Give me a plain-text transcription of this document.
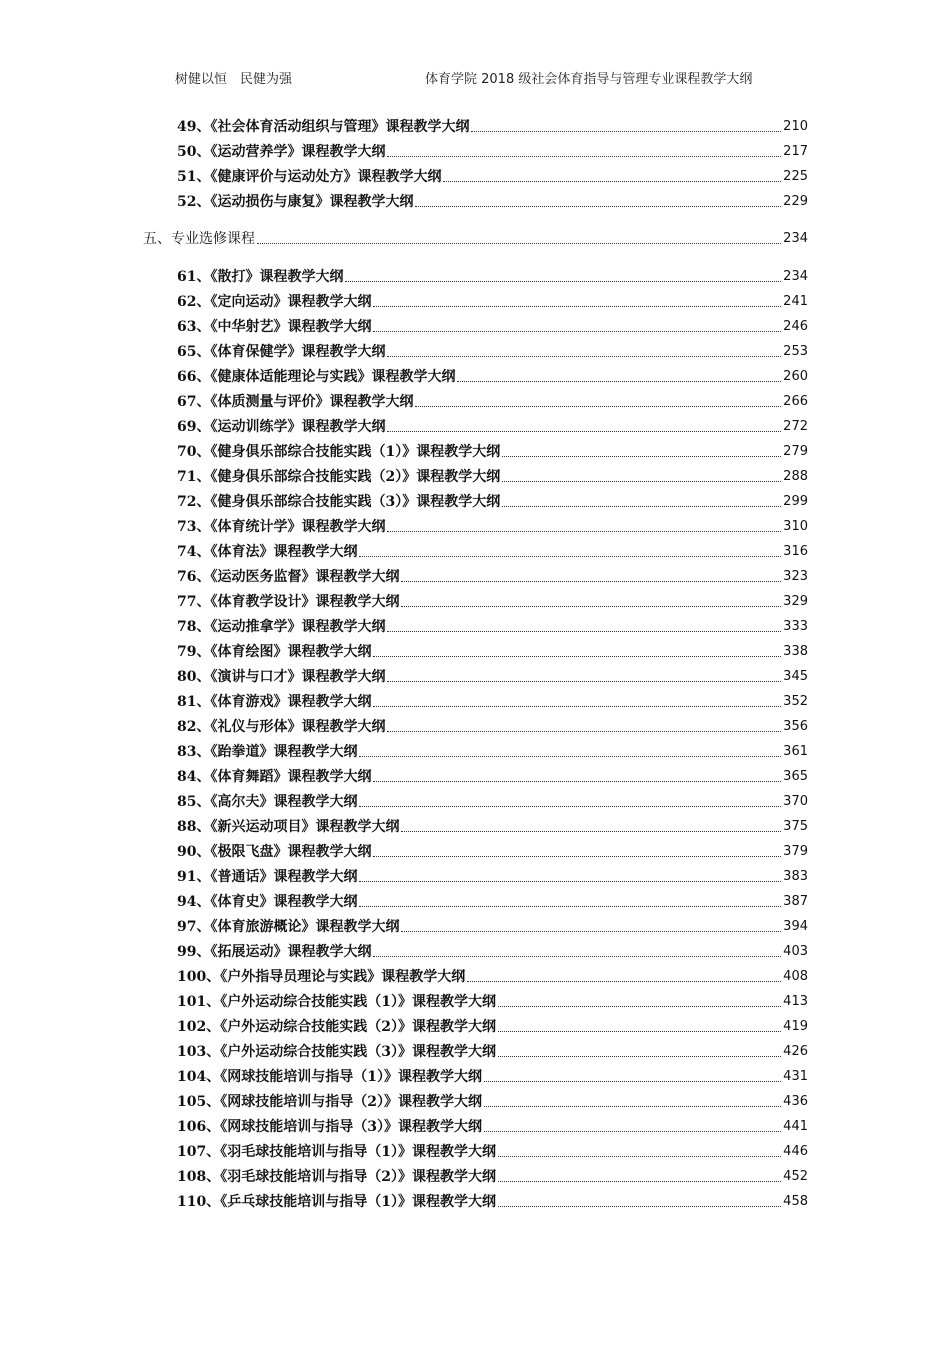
树健以恒　民健为强	体育学院 2018 级社会体育指导与管理专业课程教学大纲
49、《社会体育活动组织与管理》课程教学大纲	210
50、《运动营养学》课程教学大纲	217
51、《健康评价与运动处方》课程教学大纲	225
52、《运动损伤与康复》课程教学大纲	229
五、专业选修课程	234
61、《散打》课程教学大纲	234
62、《定向运动》课程教学大纲	241
63、《中华射艺》课程教学大纲	246
65、《体育保健学》课程教学大纲	253
66、《健康体适能理论与实践》课程教学大纲	260
67、《体质测量与评价》课程教学大纲	266
69、《运动训练学》课程教学大纲	272
70、《健身俱乐部综合技能实践（1）》课程教学大纲	279
71、《健身俱乐部综合技能实践（2）》课程教学大纲	288
72、《健身俱乐部综合技能实践（3）》课程教学大纲	299
73、《体育统计学》课程教学大纲	310
74、《体育法》课程教学大纲	316
76、《运动医务监督》课程教学大纲	323
77、《体育教学设计》课程教学大纲	329
78、《运动推拿学》课程教学大纲	333
79、《体育绘图》课程教学大纲	338
80、《演讲与口才》课程教学大纲	345
81、《体育游戏》课程教学大纲	352
82、《礼仪与形体》课程教学大纲	356
83、《跆拳道》课程教学大纲	361
84、《体育舞蹈》课程教学大纲	365
85、《高尔夫》课程教学大纲	370
88、《新兴运动项目》课程教学大纲	375
90、《极限飞盘》课程教学大纲	379
91、《普通话》课程教学大纲	383
94、《体育史》课程教学大纲	387
97、《体育旅游概论》课程教学大纲	394
99、《拓展运动》课程教学大纲	403
100、《户外指导员理论与实践》课程教学大纲	408
101、《户外运动综合技能实践（1）》课程教学大纲	413
102、《户外运动综合技能实践（2）》课程教学大纲	419
103、《户外运动综合技能实践（3）》课程教学大纲	426
104、《网球技能培训与指导（1）》课程教学大纲	431
105、《网球技能培训与指导（2）》课程教学大纲	436
106、《网球技能培训与指导（3）》课程教学大纲	441
107、《羽毛球技能培训与指导（1）》课程教学大纲	446
108、《羽毛球技能培训与指导（2）》课程教学大纲	452
110、《乒乓球技能培训与指导（1）》课程教学大纲	458
